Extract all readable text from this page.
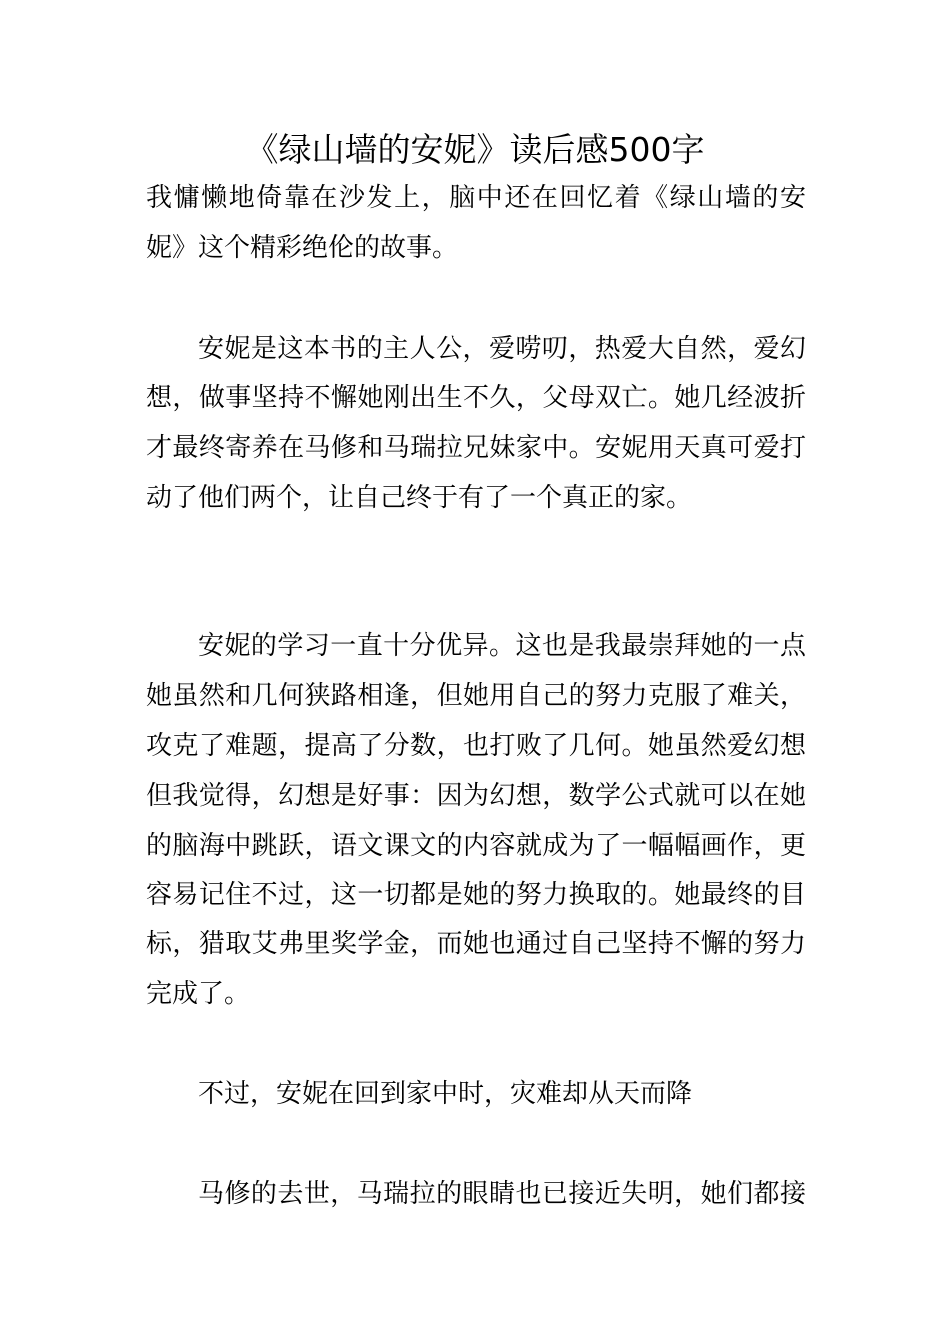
《绿山墙的安妮》读后感500字
我慵懒地倚靠在沙发上，脑中还在回忆着《绿山墙的安
妮》这个精彩绝伦的故事。
安妮是这本书的主人公，爱唠叨，热爱大自然，爱幻
想，做事坚持不懈她刚出生不久，父母双亡。她几经波折
才最终寄养在马修和马瑞拉兄妹家中。安妮用天真可爱打
动了他们两个，让自己终于有了一个真正的家。
安妮的学习一直十分优异。这也是我最崇拜她的一点
她虽然和几何狭路相逢，但她用自己的努力克服了难关，
攻克了难题，提高了分数，也打败了几何。她虽然爱幻想
但我觉得，幻想是好事：因为幻想，数学公式就可以在她
的脑海中跳跃，语文课文的内容就成为了一幅幅画作，更
容易记住不过，这一切都是她的努力换取的。她最终的目
标，猎取艾弗里奖学金，而她也通过自己坚持不懈的努力
完成了。
不过，安妮在回到家中时，灾难却从天而降
马修的去世，马瑞拉的眼睛也已接近失明，她们都接
